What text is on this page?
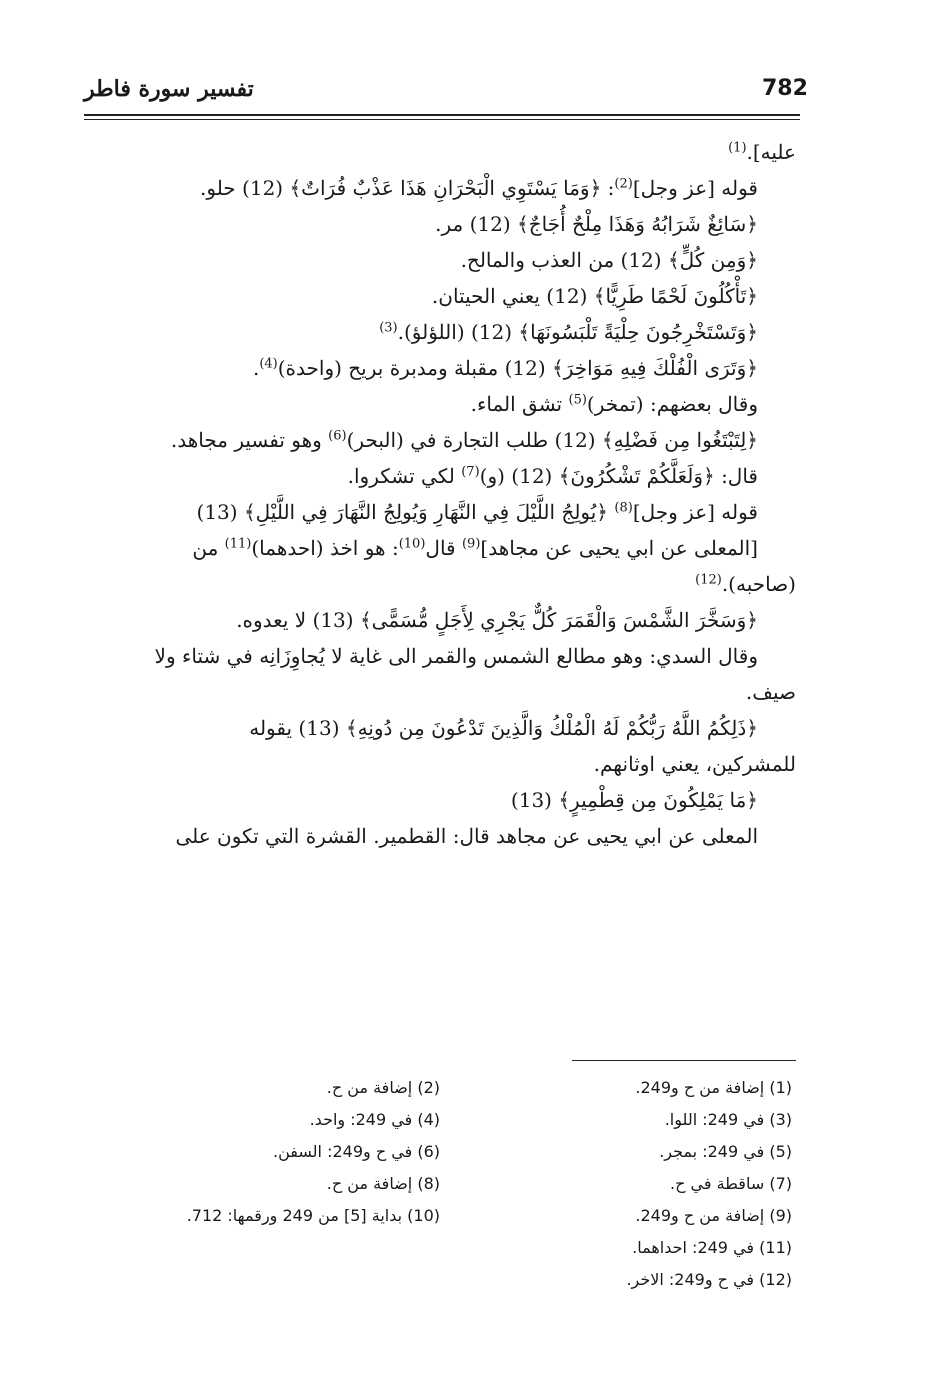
782
تفسير سورة فاطر

عليه].$^{(1)}$

قوله [عز وجل]$^{(2)}$: ﴿وَمَا يَسْتَوِي الْبَحْرَانِ هَذَا عَذْبٌ فُرَاتٌ﴾ (12) حلو.

﴿سَائِغٌ شَرَابُهُ وَهَذَا مِلْحٌ أُجَاجٌ﴾ (12) مر.

﴿وَمِن كُلٍّ﴾ (12) من العذب والمالح.

﴿تَأْكُلُونَ لَحْمًا طَرِيًّا﴾ (12) يعني الحيتان.

﴿وَتَسْتَخْرِجُونَ حِلْيَةً تَلْبَسُونَهَا﴾ (12) (اللؤلؤ).$^{(3)}$

﴿وَتَرَى الْفُلْكَ فِيهِ مَوَاخِرَ﴾ (12) مقبلة ومدبرة بريح (واحدة)$^{(4)}$.

وقال بعضهم: (تمخر)$^{(5)}$ تشق الماء.

﴿لِتَبْتَغُوا مِن فَضْلِهِ﴾ (12) طلب التجارة في (البحر)$^{(6)}$ وهو تفسير مجاهد.

قال: ﴿وَلَعَلَّكُمْ تَشْكُرُونَ﴾ (12) (و)$^{(7)}$ لكي تشكروا.

قوله [عز وجل]$^{(8)}$ ﴿يُولِجُ اللَّيْلَ فِي النَّهَارِ وَيُولِجُ النَّهَارَ فِي اللَّيْلِ﴾ (13)

[المعلى عن ابي يحيى عن مجاهد]$^{(9)}$ قال$^{(10)}$: هو اخذ (احدهما)$^{(11)}$ من

(صاحبه).$^{(12)}$

﴿وَسَخَّرَ الشَّمْسَ وَالْقَمَرَ كُلٌّ يَجْرِي لِأَجَلٍ مُّسَمًّى﴾ (13) لا يعدوه.

وقال السدي: وهو مطالع الشمس والقمر الى غاية لا يُجاوِزَانِه في شتاء ولا

صيف.

﴿ذَلِكُمُ اللَّهُ رَبُّكُمْ لَهُ الْمُلْكُ وَالَّذِينَ تَدْعُونَ مِن دُونِهِ﴾ (13) يقوله

للمشركين، يعني اوثانهم.

﴿مَا يَمْلِكُونَ مِن قِطْمِيرٍ﴾ (13)

المعلى عن ابي يحيى عن مجاهد قال: القطمير. القشرة التي تكون على

(1) إضافة من ح و249.
(3) في 249: اللوا.
(5) في 249: بمجر.
(7) ساقطة في ح.
(9) إضافة من ح و249.
(11) في 249: احداهما.
(12) في ح و249: الاخر.
(2) إضافة من ح.
(4) في 249: واحد.
(6) في ح و249: السفن.
(8) إضافة من ح.
(10) بداية [5] من 249 ورقمها: 712.
